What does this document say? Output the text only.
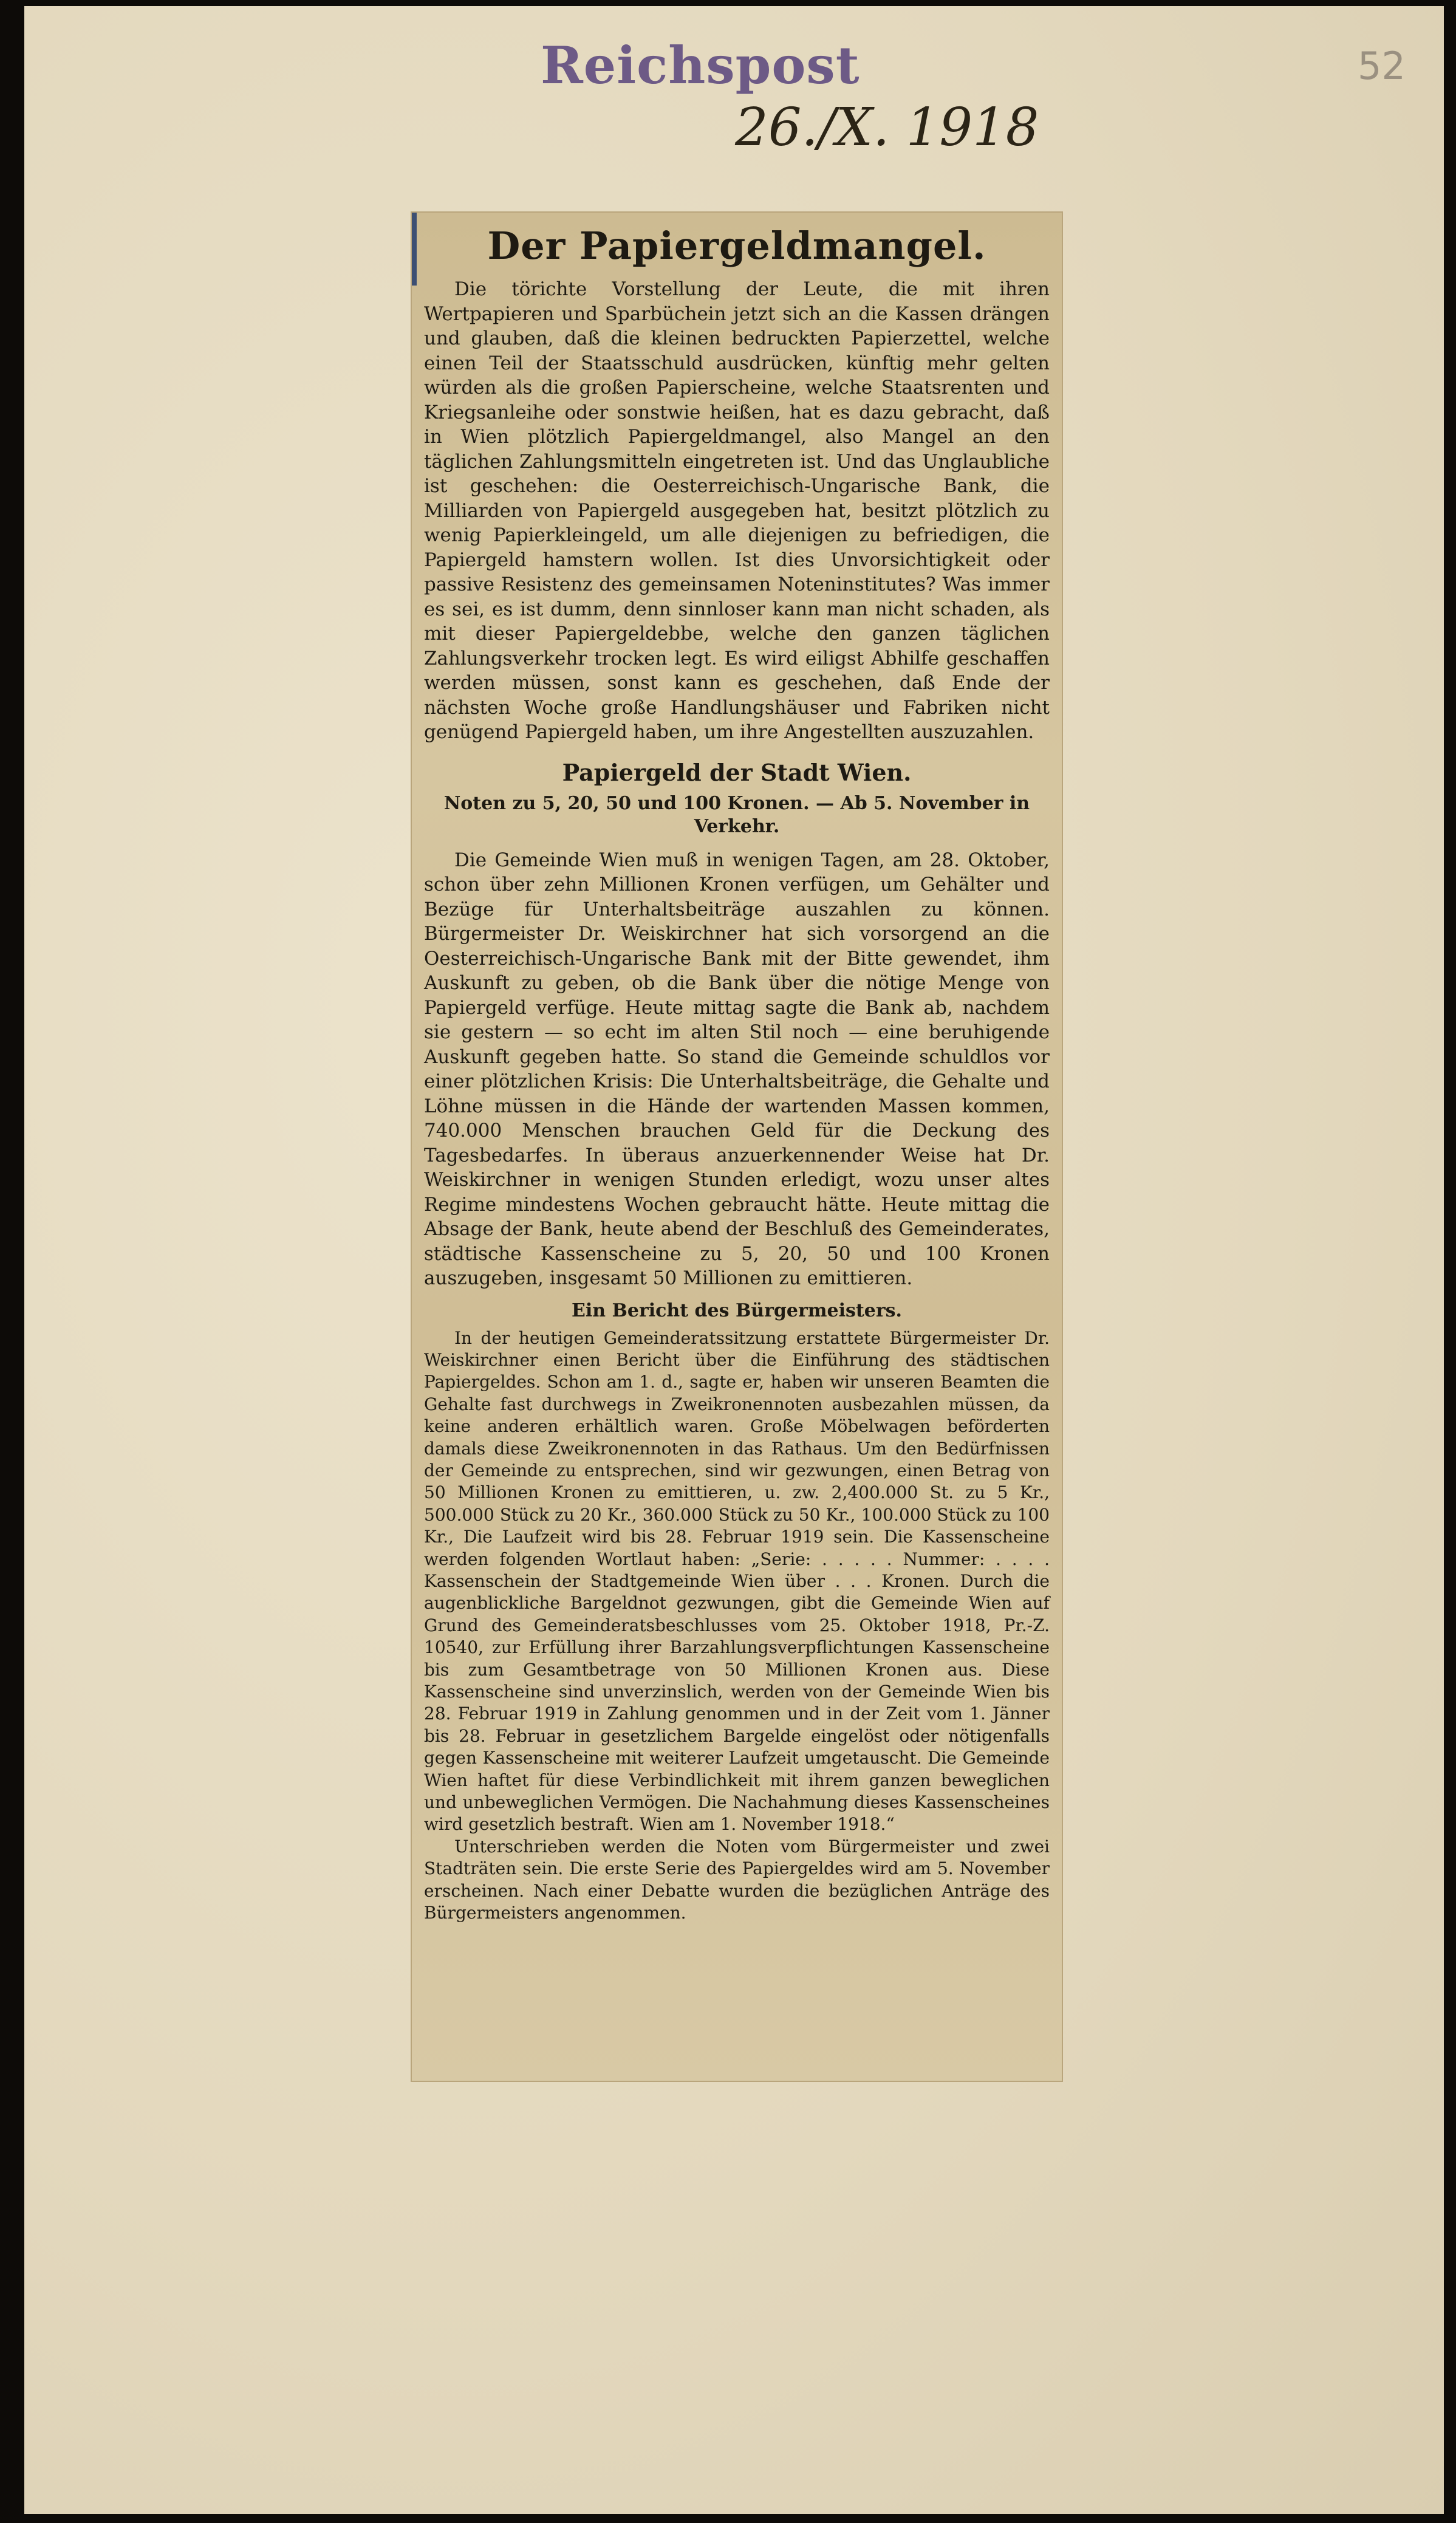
Reichspost
26./X. 1918
52
Der Papiergeldmangel.

Die törichte Vorstellung der Leute, die mit ihren Wertpapieren und Sparbüchein jetzt sich an die Kassen drängen und glauben, daß die kleinen bedruckten Papierzettel, welche einen Teil der Staatsschuld ausdrücken, künftig mehr gelten würden als die großen Papierscheine, welche Staatsrenten und Kriegsanleihe oder sonstwie heißen, hat es dazu gebracht, daß in Wien plötzlich Papiergeldmangel, also Mangel an den täglichen Zahlungsmitteln eingetreten ist. Und das Unglaubliche ist geschehen: die Oesterreichisch-Ungarische Bank, die Milliarden von Papiergeld ausgegeben hat, besitzt plötzlich zu wenig Papierkleingeld, um alle diejenigen zu befriedigen, die Papiergeld hamstern wollen. Ist dies Unvorsichtigkeit oder passive Resistenz des gemeinsamen Noteninstitutes? Was immer es sei, es ist dumm, denn sinnloser kann man nicht schaden, als mit dieser Papiergeldebbe, welche den ganzen täglichen Zahlungsverkehr trocken legt. Es wird eiligst Abhilfe geschaffen werden müssen, sonst kann es geschehen, daß Ende der nächsten Woche große Handlungshäuser und Fabriken nicht genügend Papiergeld haben, um ihre Angestellten auszuzahlen.

Papiergeld der Stadt Wien.
Noten zu 5, 20, 50 und 100 Kronen. — Ab 5. November in Verkehr.

Die Gemeinde Wien muß in wenigen Tagen, am 28. Oktober, schon über zehn Millionen Kronen verfügen, um Gehälter und Bezüge für Unterhaltsbeiträge auszahlen zu können. Bürgermeister Dr. Weiskirchner hat sich vorsorgend an die Oesterreichisch-Ungarische Bank mit der Bitte gewendet, ihm Auskunft zu geben, ob die Bank über die nötige Menge von Papiergeld verfüge. Heute mittag sagte die Bank ab, nachdem sie gestern — so echt im alten Stil noch — eine beruhigende Auskunft gegeben hatte. So stand die Gemeinde schuldlos vor einer plötzlichen Krisis: Die Unterhaltsbeiträge, die Gehalte und Löhne müssen in die Hände der wartenden Massen kommen, 740.000 Menschen brauchen Geld für die Deckung des Tagesbedarfes. In überaus anzuerkennender Weise hat Dr. Weiskirchner in wenigen Stunden erledigt, wozu unser altes Regime mindestens Wochen gebraucht hätte. Heute mittag die Absage der Bank, heute abend der Beschluß des Gemeinderates, städtische Kassenscheine zu 5, 20, 50 und 100 Kronen auszugeben, insgesamt 50 Millionen zu emittieren.

Ein Bericht des Bürgermeisters.

In der heutigen Gemeinderatssitzung erstattete Bürgermeister Dr. Weiskirchner einen Bericht über die Einführung des städtischen Papiergeldes. Schon am 1. d., sagte er, haben wir unseren Beamten die Gehalte fast durchwegs in Zweikronennoten ausbezahlen müssen, da keine anderen erhältlich waren. Große Möbelwagen beförderten damals diese Zweikronennoten in das Rathaus. Um den Bedürfnissen der Gemeinde zu entsprechen, sind wir gezwungen, einen Betrag von 50 Millionen Kronen zu emittieren, u. zw. 2,400.000 St. zu 5 Kr., 500.000 Stück zu 20 Kr., 360.000 Stück zu 50 Kr., 100.000 Stück zu 100 Kr., Die Laufzeit wird bis 28. Februar 1919 sein. Die Kassenscheine werden folgenden Wortlaut haben: „Serie: . . . . . Nummer: . . . . Kassenschein der Stadtgemeinde Wien über . . . Kronen. Durch die augenblickliche Bargeldnot gezwungen, gibt die Gemeinde Wien auf Grund des Gemeinderatsbeschlusses vom 25. Oktober 1918, Pr.-Z. 10540, zur Erfüllung ihrer Barzahlungsverpflichtungen Kassenscheine bis zum Gesamtbetrage von 50 Millionen Kronen aus. Diese Kassenscheine sind unverzinslich, werden von der Gemeinde Wien bis 28. Februar 1919 in Zahlung genommen und in der Zeit vom 1. Jänner bis 28. Februar in gesetzlichem Bargelde eingelöst oder nötigenfalls gegen Kassenscheine mit weiterer Laufzeit umgetauscht. Die Gemeinde Wien haftet für diese Verbindlichkeit mit ihrem ganzen beweglichen und unbeweglichen Vermögen. Die Nachahmung dieses Kassenscheines wird gesetzlich bestraft. Wien am 1. November 1918.“

Unterschrieben werden die Noten vom Bürgermeister und zwei Stadträten sein. Die erste Serie des Papiergeldes wird am 5. November erscheinen. Nach einer Debatte wurden die bezüglichen Anträge des Bürgermeisters angenommen.
